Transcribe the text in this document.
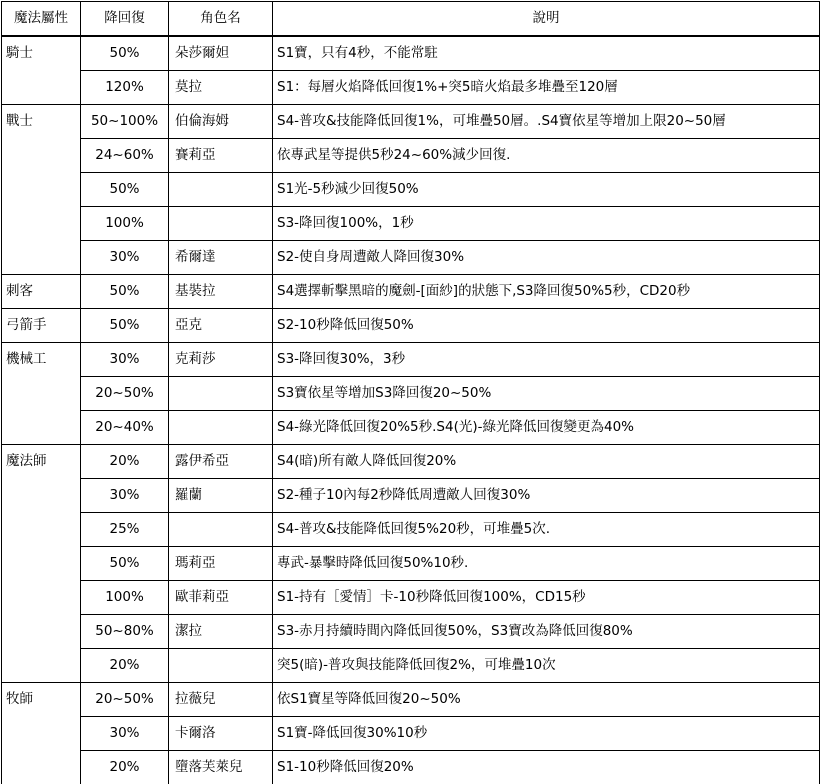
魔法屬性	降回復	角色名	說明
騎士	50%	朵莎爾妲	S1寶，只有4秒，不能常駐
	120%	莫拉	S1：每層火焰降低回復1%+突5暗火焰最多堆疊至120層
戰士	50~100%	伯倫海姆	S4-普攻&技能降低回復1%，可堆疊50層。.S4寶依星等增加上限20~50層
	24~60%	賽莉亞	依專武星等提供5秒24~60%減少回復.
	50%		S1光-5秒減少回復50%
	100%		S3-降回復100%，1秒
	30%	希爾達	S2-使自身周遭敵人降回復30%
刺客	50%	基裝拉	S4選擇斬擊黑暗的魔劍-[面紗]的狀態下,S3降回復50%5秒，CD20秒
弓箭手	50%	亞克	S2-10秒降低回復50%
機械工	30%	克莉莎	S3-降回復30%，3秒
	20~50%		S3寶依星等增加S3降回復20~50%
	20~40%		S4-綠光降低回復20%5秒.S4(光)-綠光降低回復變更為40%
魔法師	20%	露伊希亞	S4(暗)所有敵人降低回復20%
	30%	羅蘭	S2-種子10內每2秒降低周遭敵人回復30%
	25%		S4-普攻&技能降低回復5%20秒，可堆疊5次.
	50%	瑪莉亞	專武-暴擊時降低回復50%10秒.
	100%	歐菲莉亞	S1-持有［愛情］卡-10秒降低回復100%，CD15秒
	50~80%	潔拉	S3-赤月持續時間內降低回復50%，S3寶改為降低回復80%
	20%		突5(暗)-普攻與技能降低回復2%，可堆疊10次
牧師	20~50%	拉薇兒	依S1寶星等降低回復20~50%
	30%	卡爾洛	S1寶-降低回復30%10秒
	20%	墮落芙萊兒	S1-10秒降低回復20%
